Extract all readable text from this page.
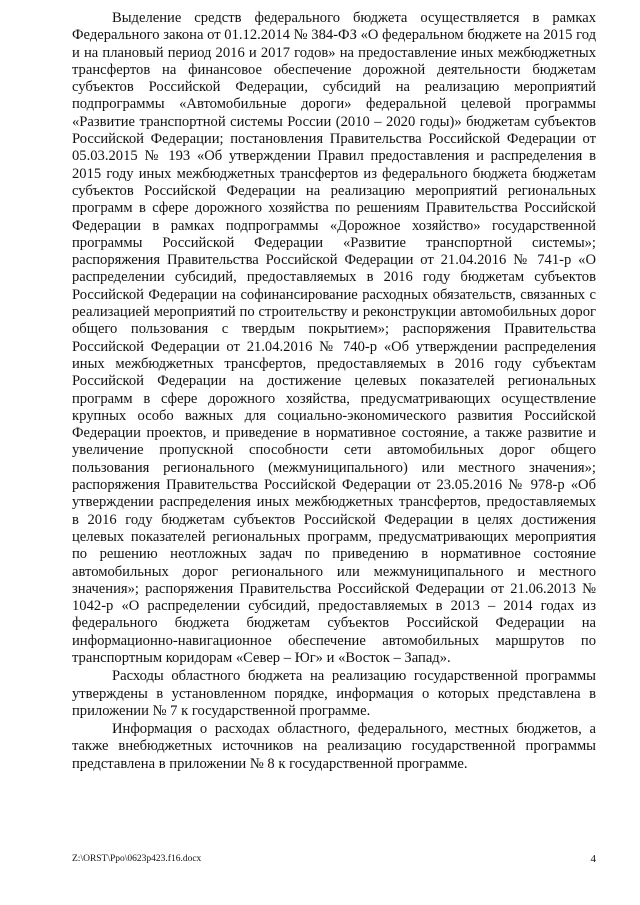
Выделение средств федерального бюджета осуществляется в рамках Федерального закона от 01.12.2014 № 384-ФЗ «О федеральном бюджете на 2015 год и на плановый период 2016 и 2017 годов» на предоставление иных межбюджетных трансфертов на финансовое обеспечение дорожной деятельности бюджетам субъектов Российской Федерации, субсидий на реализацию мероприятий подпрограммы «Автомобильные дороги» федеральной целевой программы «Развитие транспортной системы России (2010 – 2020 годы)» бюджетам субъектов Российской Федерации; постановления Правительства Российской Федерации от 05.03.2015 № 193 «Об утверждении Правил предоставления и распределения в 2015 году иных межбюджетных трансфертов из федерального бюджета бюджетам субъектов Российской Федерации на реализацию мероприятий региональных программ в сфере дорожного хозяйства по решениям Правительства Российской Федерации в рамках подпрограммы «Дорожное хозяйство» государственной программы Российской Федерации «Развитие транспортной системы»; распоряжения Правительства Российской Федерации от 21.04.2016 № 741-р «О распределении субсидий, предоставляемых в 2016 году бюджетам субъектов Российской Федерации на софинансирование расходных обязательств, связанных с реализацией мероприятий по строительству и реконструкции автомобильных дорог общего пользования с твердым покрытием»; распоряжения Правительства Российской Федерации от 21.04.2016 № 740-р «Об утверждении распределения иных межбюджетных трансфертов, предоставляемых в 2016 году субъектам Российской Федерации на достижение целевых показателей региональных программ в сфере дорожного хозяйства, предусматривающих осуществление крупных особо важных для социально-экономического развития Российской Федерации проектов, и приведение в нормативное состояние, а также развитие и увеличение пропускной способности сети автомобильных дорог общего пользования регионального (межмуниципального) или местного значения»; распоряжения Правительства Российской Федерации от 23.05.2016 № 978-р «Об утверждении распределения иных межбюджетных трансфертов, предоставляемых в 2016 году бюджетам субъектов Российской Федерации в целях достижения целевых показателей региональных программ, предусматривающих мероприятия по решению неотложных задач по приведению в нормативное состояние автомобильных дорог регионального или межмуниципального и местного значения»; распоряжения Правительства Российской Федерации от 21.06.2013 № 1042-р «О распределении субсидий, предоставляемых в 2013 – 2014 годах из федерального бюджета бюджетам субъектов Российской Федерации на информационно-навигационное обеспечение автомобильных маршрутов по транспортным коридорам «Север – Юг» и «Восток – Запад».

Расходы областного бюджета на реализацию государственной программы утверждены в установленном порядке, информация о которых представлена в приложении № 7 к государственной программе.

Информация о расходах областного, федерального, местных бюджетов, а также внебюджетных источников на реализацию государственной программы представлена в приложении № 8 к государственной программе.

Z:\ORST\Ppo\0623p423.f16.docx	4
